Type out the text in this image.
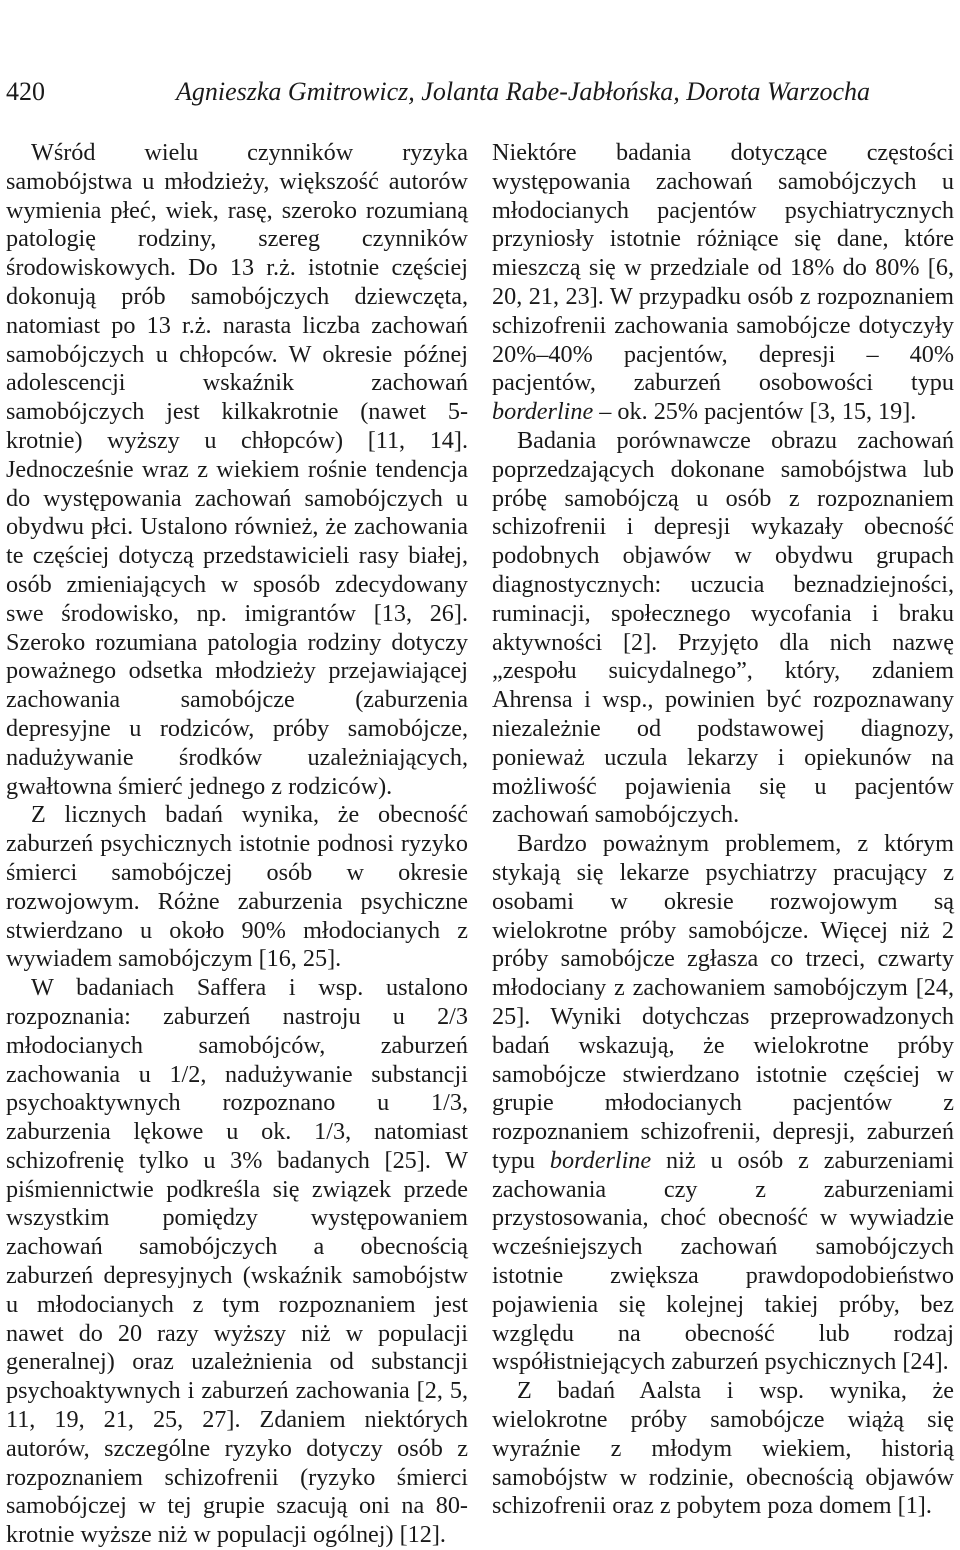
420	Agnieszka Gmitrowicz, Jolanta Rabe-Jabłońska, Dorota Warzocha

Wśród wielu czynników ryzyka samobójstwa u młodzieży, większość autorów wymienia płeć, wiek, rasę, szeroko rozumianą patologię rodziny, szereg czynników środowiskowych. Do 13 r.ż. istotnie częściej dokonują prób samobójczych dziewczęta, natomiast po 13 r.ż. narasta liczba zachowań samobójczych u chłopców. W okresie późnej adolescencji wskaźnik zachowań samobójczych jest kilkakrotnie (nawet 5-krotnie) wyższy u chłopców) [11, 14]. Jednocześnie wraz z wiekiem rośnie tendencja do występowania zachowań samobójczych u obydwu płci. Ustalono również, że zachowania te częściej dotyczą przedstawicieli rasy białej, osób zmieniających w sposób zdecydowany swe środowisko, np. imigrantów [13, 26]. Szeroko rozumiana patologia rodziny dotyczy poważnego odsetka młodzieży przejawiającej zachowania samobójcze (zaburzenia depresyjne u rodziców, próby samobójcze, nadużywanie środków uzależniających, gwałtowna śmierć jednego z rodziców).

Z licznych badań wynika, że obecność zaburzeń psychicznych istotnie podnosi ryzyko śmierci samobójczej osób w okresie rozwojowym. Różne zaburzenia psychiczne stwierdzano u około 90% młodocianych z wywiadem samobójczym [16, 25].

W badaniach Saffera i wsp. ustalono rozpoznania: zaburzeń nastroju u 2/3 młodocianych samobójców, zaburzeń zachowania u 1/2, nadużywanie substancji psychoaktywnych rozpoznano u 1/3, zaburzenia lękowe u ok. 1/3, natomiast schizofrenię tylko u 3% badanych [25]. W piśmiennictwie podkreśla się związek przede wszystkim pomiędzy występowaniem zachowań samobójczych a obecnością zaburzeń depresyjnych (wskaźnik samobójstw u młodocianych z tym rozpoznaniem jest nawet do 20 razy wyższy niż w populacji generalnej) oraz uzależnienia od substancji psychoaktywnych i zaburzeń zachowania [2, 5, 11, 19, 21, 25, 27]. Zdaniem niektórych autorów, szczególne ryzyko dotyczy osób z rozpoznaniem schizofrenii (ryzyko śmierci samobójczej w tej grupie szacują oni na 80-krotnie wyższe niż w populacji ogólnej) [12].

Niektóre badania dotyczące częstości występowania zachowań samobójczych u młodocianych pacjentów psychiatrycznych przyniosły istotnie różniące się dane, które mieszczą się w przedziale od 18% do 80% [6, 20, 21, 23]. W przypadku osób z rozpoznaniem schizofrenii zachowania samobójcze dotyczyły 20%–40% pacjentów, depresji – 40% pacjentów, zaburzeń osobowości typu borderline – ok. 25% pacjentów [3, 15, 19].

Badania porównawcze obrazu zachowań poprzedzających dokonane samobójstwa lub próbę samobójczą u osób z rozpoznaniem schizofrenii i depresji wykazały obecność podobnych objawów w obydwu grupach diagnostycznych: uczucia beznadziejności, ruminacji, społecznego wycofania i braku aktywności [2]. Przyjęto dla nich nazwę „zespołu suicydalnego”, który, zdaniem Ahrensa i wsp., powinien być rozpoznawany niezależnie od podstawowej diagnozy, ponieważ uczula lekarzy i opiekunów na możliwość pojawienia się u pacjentów zachowań samobójczych.

Bardzo poważnym problemem, z którym stykają się lekarze psychiatrzy pracujący z osobami w okresie rozwojowym są wielokrotne próby samobójcze. Więcej niż 2 próby samobójcze zgłasza co trzeci, czwarty młodociany z zachowaniem samobójczym [24, 25]. Wyniki dotychczas przeprowadzonych badań wskazują, że wielokrotne próby samobójcze stwierdzano istotnie częściej w grupie młodocianych pacjentów z rozpoznaniem schizofrenii, depresji, zaburzeń typu borderline niż u osób z zaburzeniami zachowania czy z zaburzeniami przystosowania, choć obecność w wywiadzie wcześniejszych zachowań samobójczych istotnie zwiększa prawdopodobieństwo pojawienia się kolejnej takiej próby, bez względu na obecność lub rodzaj współistniejących zaburzeń psychicznych [24].

Z badań Aalsta i wsp. wynika, że wielokrotne próby samobójcze wiążą się wyraźnie z młodym wiekiem, historią samobójstw w rodzinie, obecnością objawów schizofrenii oraz z pobytem poza domem [1].
